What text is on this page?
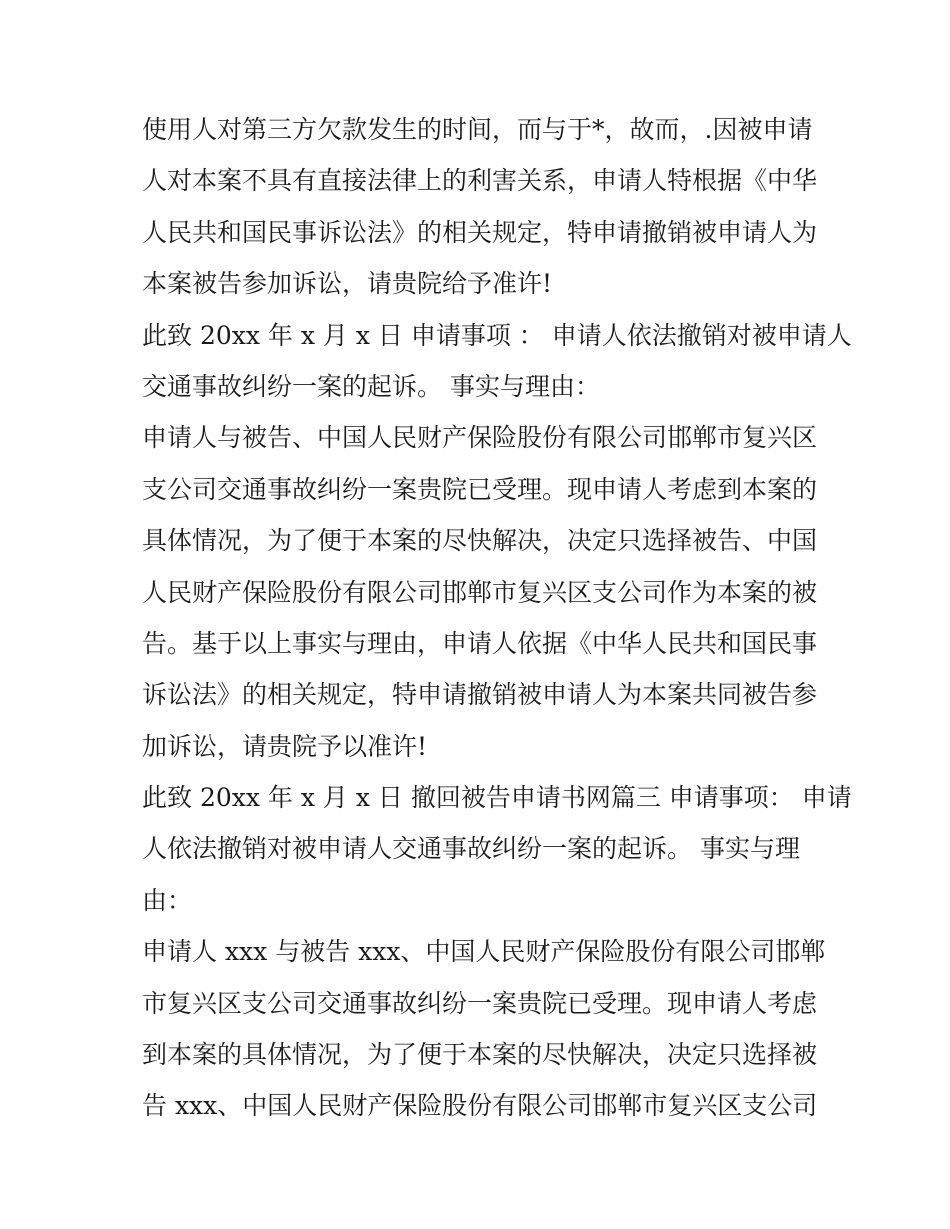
使用人对第三方欠款发生的时间，而与于*，故而，.因被申请
人对本案不具有直接法律上的利害关系，申请人特根据《中华
人民共和国民事诉讼法》的相关规定，特申请撤销被申请人为
本案被告参加诉讼，请贵院给予准许!
此致 20xx 年 x 月 x 日 申请事项 ： 申请人依法撤销对被申请人
交通事故纠纷一案的起诉。 事实与理由：
申请人与被告、中国人民财产保险股份有限公司邯郸市复兴区
支公司交通事故纠纷一案贵院已受理。现申请人考虑到本案的
具体情况，为了便于本案的尽快解决，决定只选择被告、中国
人民财产保险股份有限公司邯郸市复兴区支公司作为本案的被
告。基于以上事实与理由，申请人依据《中华人民共和国民事
诉讼法》的相关规定，特申请撤销被申请人为本案共同被告参
加诉讼，请贵院予以准许!
此致 20xx 年 x 月 x 日 撤回被告申请书网篇三 申请事项： 申请
人依法撤销对被申请人交通事故纠纷一案的起诉。 事实与理
由：
申请人 xxx 与被告 xxx、中国人民财产保险股份有限公司邯郸
市复兴区支公司交通事故纠纷一案贵院已受理。现申请人考虑
到本案的具体情况，为了便于本案的尽快解决，决定只选择被
告 xxx、中国人民财产保险股份有限公司邯郸市复兴区支公司
